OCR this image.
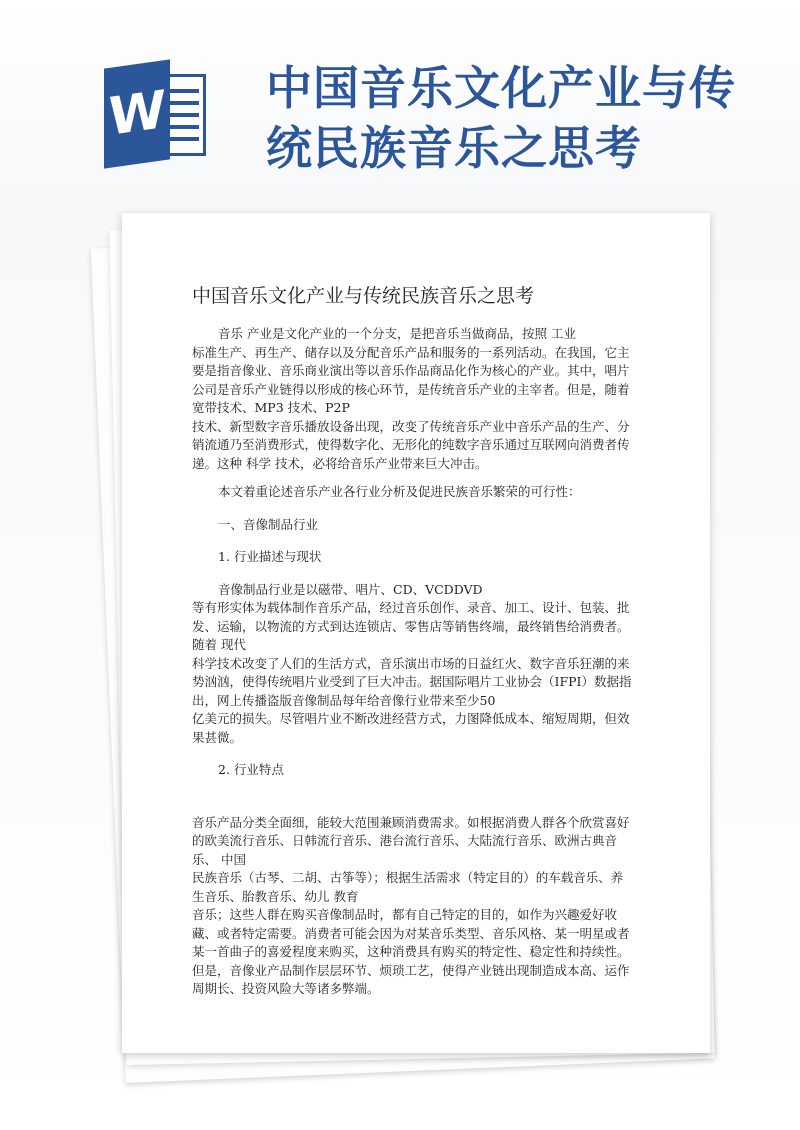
W 中国音乐文化产业与传
统民族音乐之思考
中国音乐文化产业与传统民族音乐之思考

音乐 产业是文化产业的一个分支，是把音乐当做商品，按照 工业

标准生产、再生产、储存以及分配音乐产品和服务的一系列活动。在我国，它主要是指音像业、音乐商业演出等以音乐作品商品化作为核心的产业。其中，唱片公司是音乐产业链得以形成的核心环节，是传统音乐产业的主宰者。但是，随着宽带技术、MP3 技术、P2P

技术、新型数字音乐播放设备出现，改变了传统音乐产业中音乐产品的生产、分销流通乃至消费形式，使得数字化、无形化的纯数字音乐通过互联网向消费者传递。这种 科学 技术，必将给音乐产业带来巨大冲击。

本文着重论述音乐产业各行业分析及促进民族音乐繁荣的可行性：

一、音像制品行业

1. 行业描述与现状

音像制品行业是以磁带、唱片、CD、VCDDVD

等有形实体为载体制作音乐产品，经过音乐创作、录音、加工、设计、包装、批发、运输，以物流的方式到达连锁店、零售店等销售终端，最终销售给消费者。随着 现代

科学技术改变了人们的生活方式，音乐演出市场的日益红火、数字音乐狂潮的来势汹汹，使得传统唱片业受到了巨大冲击。据国际唱片工业协会（IFPI）数据指出，网上传播盗版音像制品每年给音像行业带来至少50

亿美元的损失。尽管唱片业不断改进经营方式，力图降低成本、缩短周期，但效果甚微。

2. 行业特点

音乐产品分类全面细，能较大范围兼顾消费需求。如根据消费人群各个欣赏喜好的欧美流行音乐、日韩流行音乐、港台流行音乐、大陆流行音乐、欧洲古典音乐、 中国

民族音乐（古琴、二胡、古筝等）；根据生活需求（特定目的）的车载音乐、养生音乐、胎教音乐、幼儿 教育

音乐；这些人群在购买音像制品时，都有自己特定的目的，如作为兴趣爱好收藏、或者特定需要。消费者可能会因为对某音乐类型、音乐风格、某一明星或者某一首曲子的喜爱程度来购买，这种消费具有购买的特定性、稳定性和持续性。但是，音像业产品制作层层环节、烦琐工艺，使得产业链出现制造成本高、运作周期长、投资风险大等诸多弊端。
